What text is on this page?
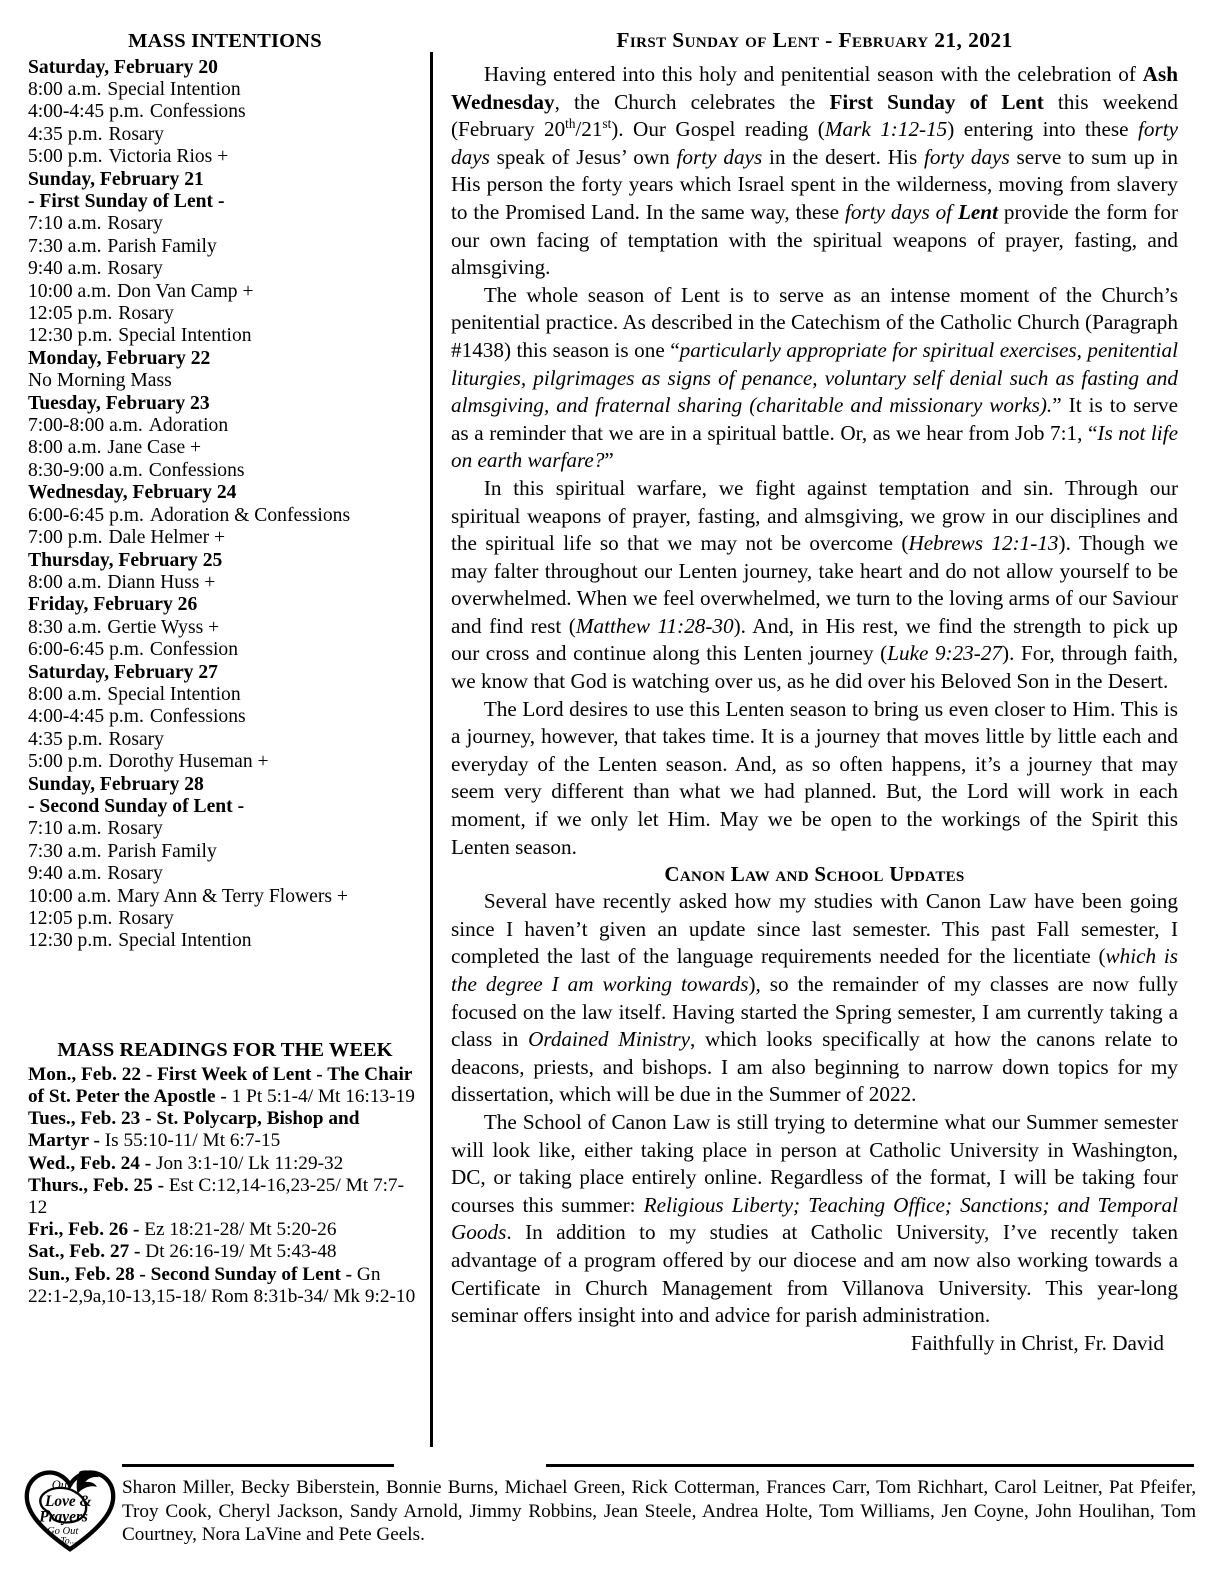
MASS INTENTIONS
Saturday, February 20
8:00 a.m. Special Intention
4:00-4:45 p.m. Confessions
4:35 p.m. Rosary
5:00 p.m. Victoria Rios +
Sunday, February 21
- First Sunday of Lent -
7:10 a.m. Rosary
7:30 a.m. Parish Family
9:40 a.m. Rosary
10:00 a.m. Don Van Camp +
12:05 p.m. Rosary
12:30 p.m. Special Intention
Monday, February 22
No Morning Mass
Tuesday, February 23
7:00-8:00 a.m. Adoration
8:00 a.m. Jane Case +
8:30-9:00 a.m. Confessions
Wednesday, February 24
6:00-6:45 p.m. Adoration & Confessions
7:00 p.m. Dale Helmer +
Thursday, February 25
8:00 a.m. Diann Huss +
Friday, February 26
8:30 a.m. Gertie Wyss +
6:00-6:45 p.m. Confession
Saturday, February 27
8:00 a.m. Special Intention
4:00-4:45 p.m. Confessions
4:35 p.m. Rosary
5:00 p.m. Dorothy Huseman +
Sunday, February 28
- Second Sunday of Lent -
7:10 a.m. Rosary
7:30 a.m. Parish Family
9:40 a.m. Rosary
10:00 a.m. Mary Ann & Terry Flowers +
12:05 p.m. Rosary
12:30 p.m. Special Intention
MASS READINGS FOR THE WEEK

Mon., Feb. 22 - First Week of Lent - The Chair of St. Peter the Apostle - 1 Pt 5:1-4/ Mt 16:13-19

Tues., Feb. 23 - St. Polycarp, Bishop and Martyr - Is 55:10-11/ Mt 6:7-15

Wed., Feb. 24 - Jon 3:1-10/ Lk 11:29-32

Thurs., Feb. 25 - Est C:12,14-16,23-25/ Mt 7:7-12

Fri., Feb. 26 - Ez 18:21-28/ Mt 5:20-26

Sat., Feb. 27 - Dt 26:16-19/ Mt 5:43-48

Sun., Feb. 28 - Second Sunday of Lent - Gn 22:1-2,9a,10-13,15-18/ Rom 8:31b-34/ Mk 9:2-10

First Sunday of Lent - February 21, 2021

Having entered into this holy and penitential season with the celebration of Ash Wednesday, the Church celebrates the First Sunday of Lent this weekend (February 20th/21st). Our Gospel reading (Mark 1:12-15) entering into these forty days speak of Jesus’ own forty days in the desert. His forty days serve to sum up in His person the forty years which Israel spent in the wilderness, moving from slavery to the Promised Land. In the same way, these forty days of Lent provide the form for our own facing of temptation with the spiritual weapons of prayer, fasting, and almsgiving.

The whole season of Lent is to serve as an intense moment of the Church’s penitential practice. As described in the Catechism of the Catholic Church (Paragraph #1438) this season is one “particularly appropriate for spiritual exercises, penitential liturgies, pilgrimages as signs of penance, voluntary self denial such as fasting and almsgiving, and fraternal sharing (charitable and missionary works).” It is to serve as a reminder that we are in a spiritual battle. Or, as we hear from Job 7:1, “Is not life on earth warfare?”

In this spiritual warfare, we fight against temptation and sin. Through our spiritual weapons of prayer, fasting, and almsgiving, we grow in our disciplines and the spiritual life so that we may not be overcome (Hebrews 12:1-13). Though we may falter throughout our Lenten journey, take heart and do not allow yourself to be overwhelmed. When we feel overwhelmed, we turn to the loving arms of our Saviour and find rest (Matthew 11:28-30). And, in His rest, we find the strength to pick up our cross and continue along this Lenten journey (Luke 9:23-27). For, through faith, we know that God is watching over us, as he did over his Beloved Son in the Desert.

The Lord desires to use this Lenten season to bring us even closer to Him. This is a journey, however, that takes time. It is a journey that moves little by little each and everyday of the Lenten season. And, as so often happens, it’s a journey that may seem very different than what we had planned. But, the Lord will work in each moment, if we only let Him. May we be open to the workings of the Spirit this Lenten season.

Canon Law and School Updates

Several have recently asked how my studies with Canon Law have been going since I haven’t given an update since last semester. This past Fall semester, I completed the last of the language requirements needed for the licentiate (which is the degree I am working towards), so the remainder of my classes are now fully focused on the law itself. Having started the Spring semester, I am currently taking a class in Ordained Ministry, which looks specifically at how the canons relate to deacons, priests, and bishops. I am also beginning to narrow down topics for my dissertation, which will be due in the Summer of 2022.

The School of Canon Law is still trying to determine what our Summer semester will look like, either taking place in person at Catholic University in Washington, DC, or taking place entirely online. Regardless of the format, I will be taking four courses this summer: Religious Liberty; Teaching Office; Sanctions; and Temporal Goods. In addition to my studies at Catholic University, I’ve recently taken advantage of a program offered by our diocese and am now also working towards a Certificate in Church Management from Villanova University. This year-long seminar offers insight into and advice for parish administration.

Faithfully in Christ, Fr. David

Our
Love &
Prayers
Go Out
To...

Sharon Miller, Becky Biberstein, Bonnie Burns, Michael Green, Rick Cotterman, Frances Carr, Tom Richhart, Carol Leitner, Pat Pfeifer, Troy Cook, Cheryl Jackson, Sandy Arnold, Jimmy Robbins, Jean Steele, Andrea Holte, Tom Williams, Jen Coyne, John Houlihan, Tom Courtney, Nora LaVine and Pete Geels.
